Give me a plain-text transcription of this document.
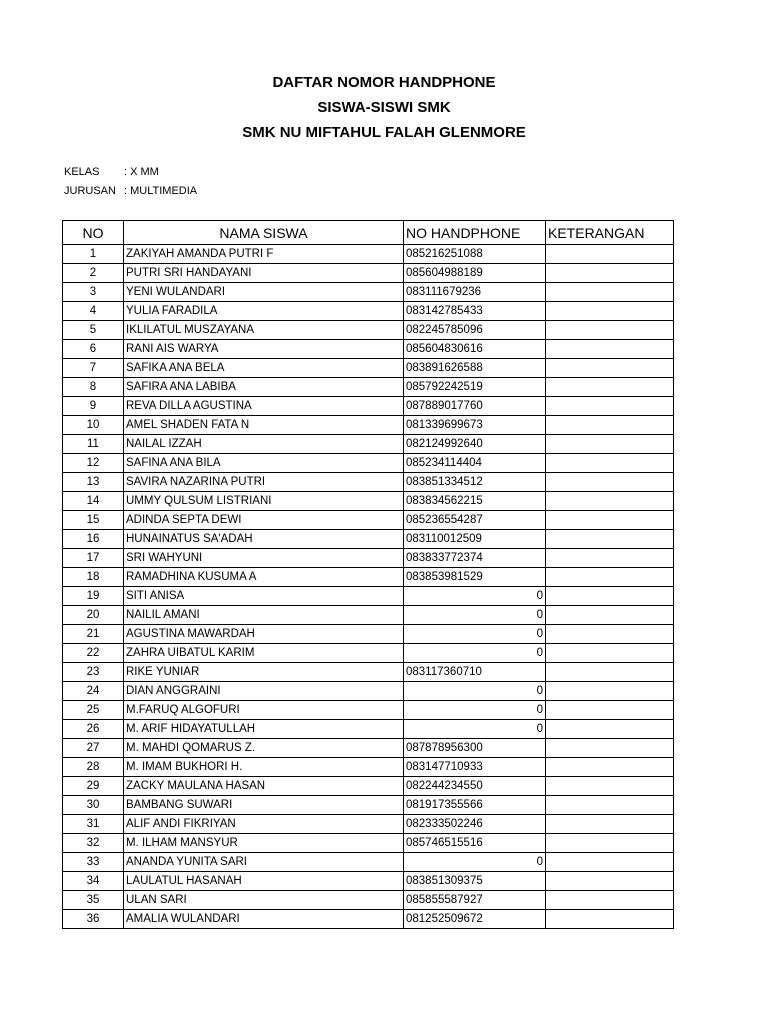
DAFTAR NOMOR HANDPHONE
SISWA-SISWI SMK
SMK NU MIFTAHUL FALAH GLENMORE
KELAS	: X MM
JURUSAN : MULTIMEDIA
NO	NAMA SISWA	NO HANDPHONE	KETERANGAN
1	ZAKIYAH AMANDA PUTRI F	085216251088	
2	PUTRI SRI HANDAYANI	085604988189	
3	YENI WULANDARI	083111679236	
4	YULIA FARADILA	083142785433	
5	IKLILATUL MUSZAYANA	082245785096	
6	RANI AIS WARYA	085604830616	
7	SAFIKA ANA BELA	083891626588	
8	SAFIRA ANA LABIBA	085792242519	
9	REVA DILLA AGUSTINA	087889017760	
10	AMEL SHADEN FATA N	081339699673	
11	NAILAL IZZAH	082124992640	
12	SAFINA ANA BILA	085234114404	
13	SAVIRA NAZARINA PUTRI	083851334512	
14	UMMY QULSUM LISTRIANI	083834562215	
15	ADINDA SEPTA DEWI	085236554287	
16	HUNAINATUS SA'ADAH	083110012509	
17	SRI WAHYUNI	083833772374	
18	RAMADHINA KUSUMA A	083853981529	
19	SITI ANISA	0	
20	NAILIL AMANI	0	
21	AGUSTINA MAWARDAH	0	
22	ZAHRA UIBATUL KARIM	0	
23	RIKE YUNIAR	083117360710	
24	DIAN ANGGRAINI	0	
25	M.FARUQ ALGOFURI	0	
26	M. ARIF HIDAYATULLAH	0	
27	M. MAHDI QOMARUS Z.	087878956300	
28	M. IMAM BUKHORI H.	083147710933	
29	ZACKY MAULANA HASAN	082244234550	
30	BAMBANG SUWARI	081917355566	
31	ALIF ANDI FIKRIYAN	082333502246	
32	M. ILHAM MANSYUR	085746515516	
33	ANANDA YUNITA SARI	0	
34	LAULATUL HASANAH	083851309375	
35	ULAN SARI	085855587927	
36	AMALIA WULANDARI	081252509672	
